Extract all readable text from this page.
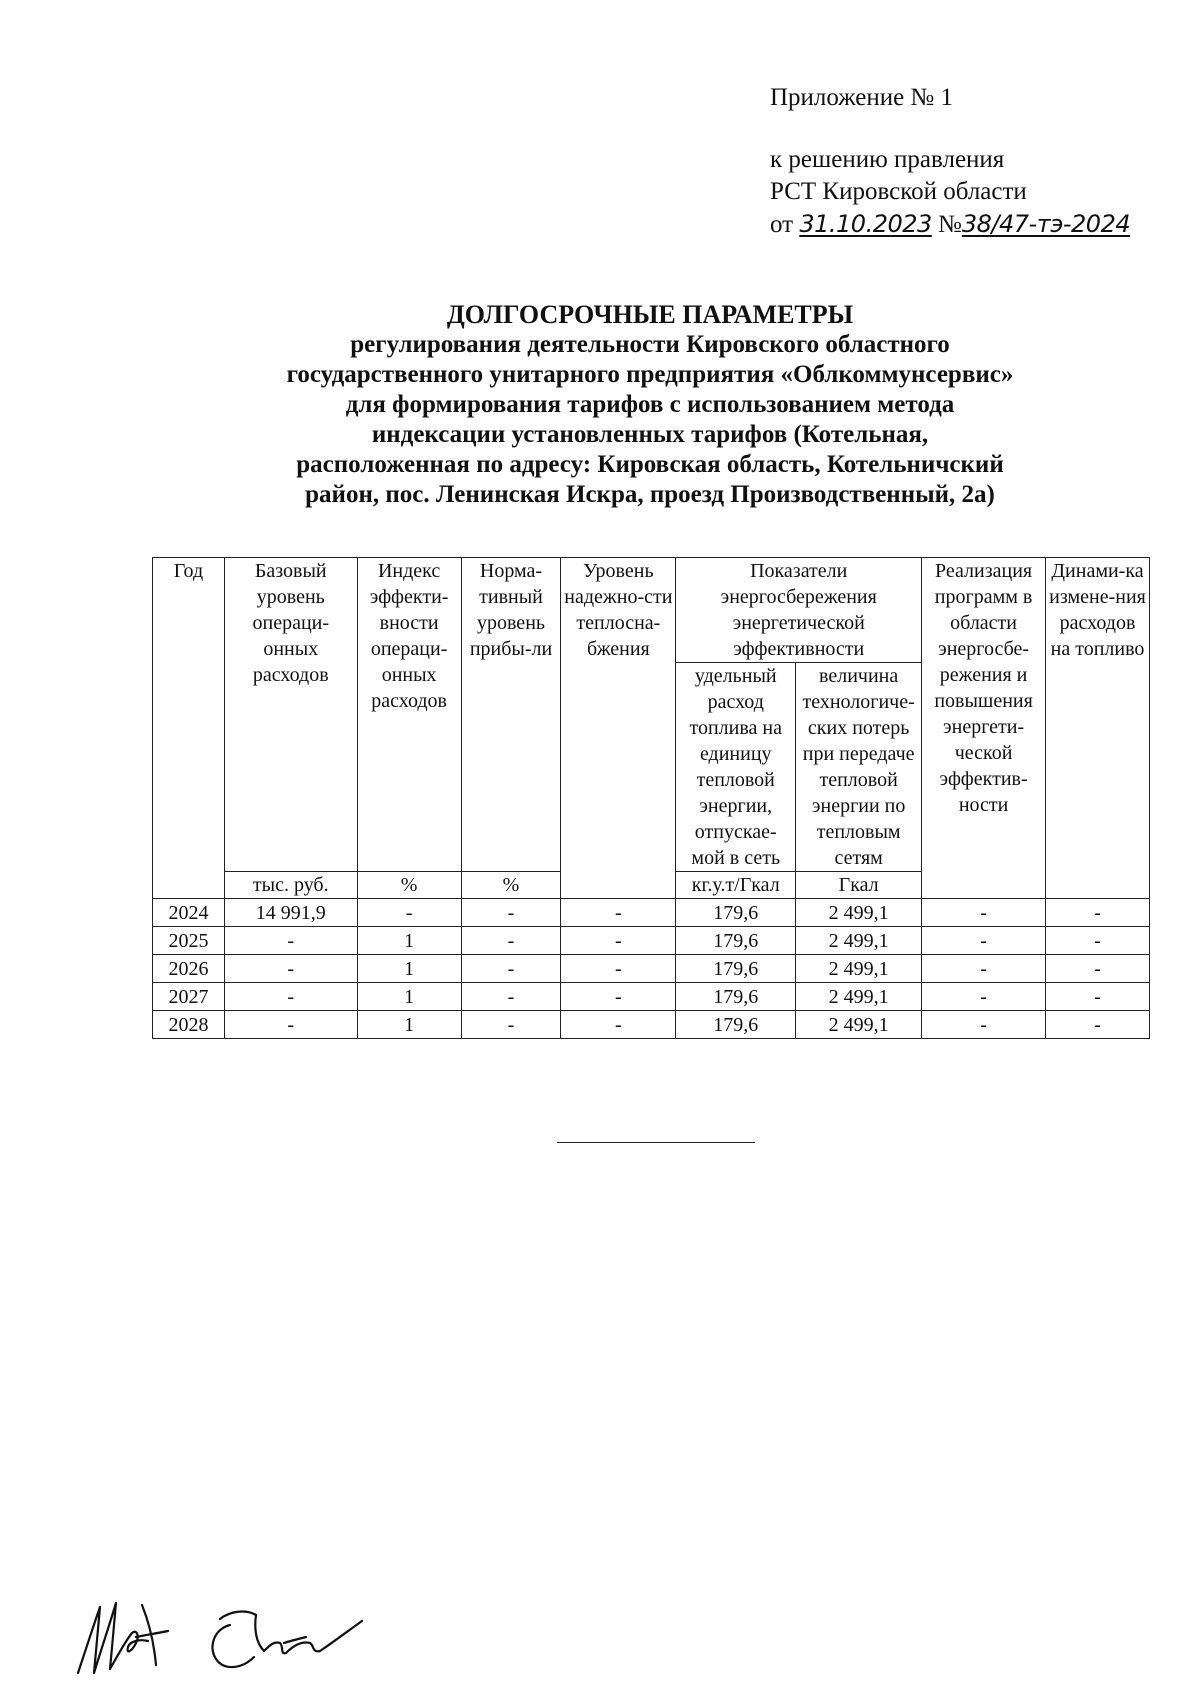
Приложение № 1
к решению правления
РСТ Кировской области
от 31.10.2023 №38/47-тэ-2024
ДОЛГОСРОЧНЫЕ ПАРАМЕТРЫ
регулирования деятельности Кировского областного
государственного унитарного предприятия «Облкоммунсервис»
для формирования тарифов с использованием метода
индексации установленных тарифов (Котельная,
расположенная по адресу: Кировская область, Котельничский
район, пос. Ленинская Искра, проезд Производственный, 2а)
Год	Базовый уровень операци-онных расходов	Индекс эффекти-вности операци-онных расходов	Норма-тивный уровень прибы-ли	Уровень надежно-сти теплосна-бжения	Показатели энергосбережения энергетической эффективности		Реализация программ в области энергосбе-режения и повышения энергети-ческой эффектив-ности	Динами-ка измене-ния расходов на топливо
					удельный расход топлива на единицу тепловой энергии, отпускае-мой в сеть	величина технологиче-ских потерь при передаче тепловой энергии по тепловым сетям		
	тыс. руб.	%	%		кг.у.т/Гкал	Гкал		
2024	14 991,9	-	-	-	179,6	2 499,1	-	-
2025	-	1	-	-	179,6	2 499,1	-	-
2026	-	1	-	-	179,6	2 499,1	-	-
2027	-	1	-	-	179,6	2 499,1	-	-
2028	-	1	-	-	179,6	2 499,1	-	-
